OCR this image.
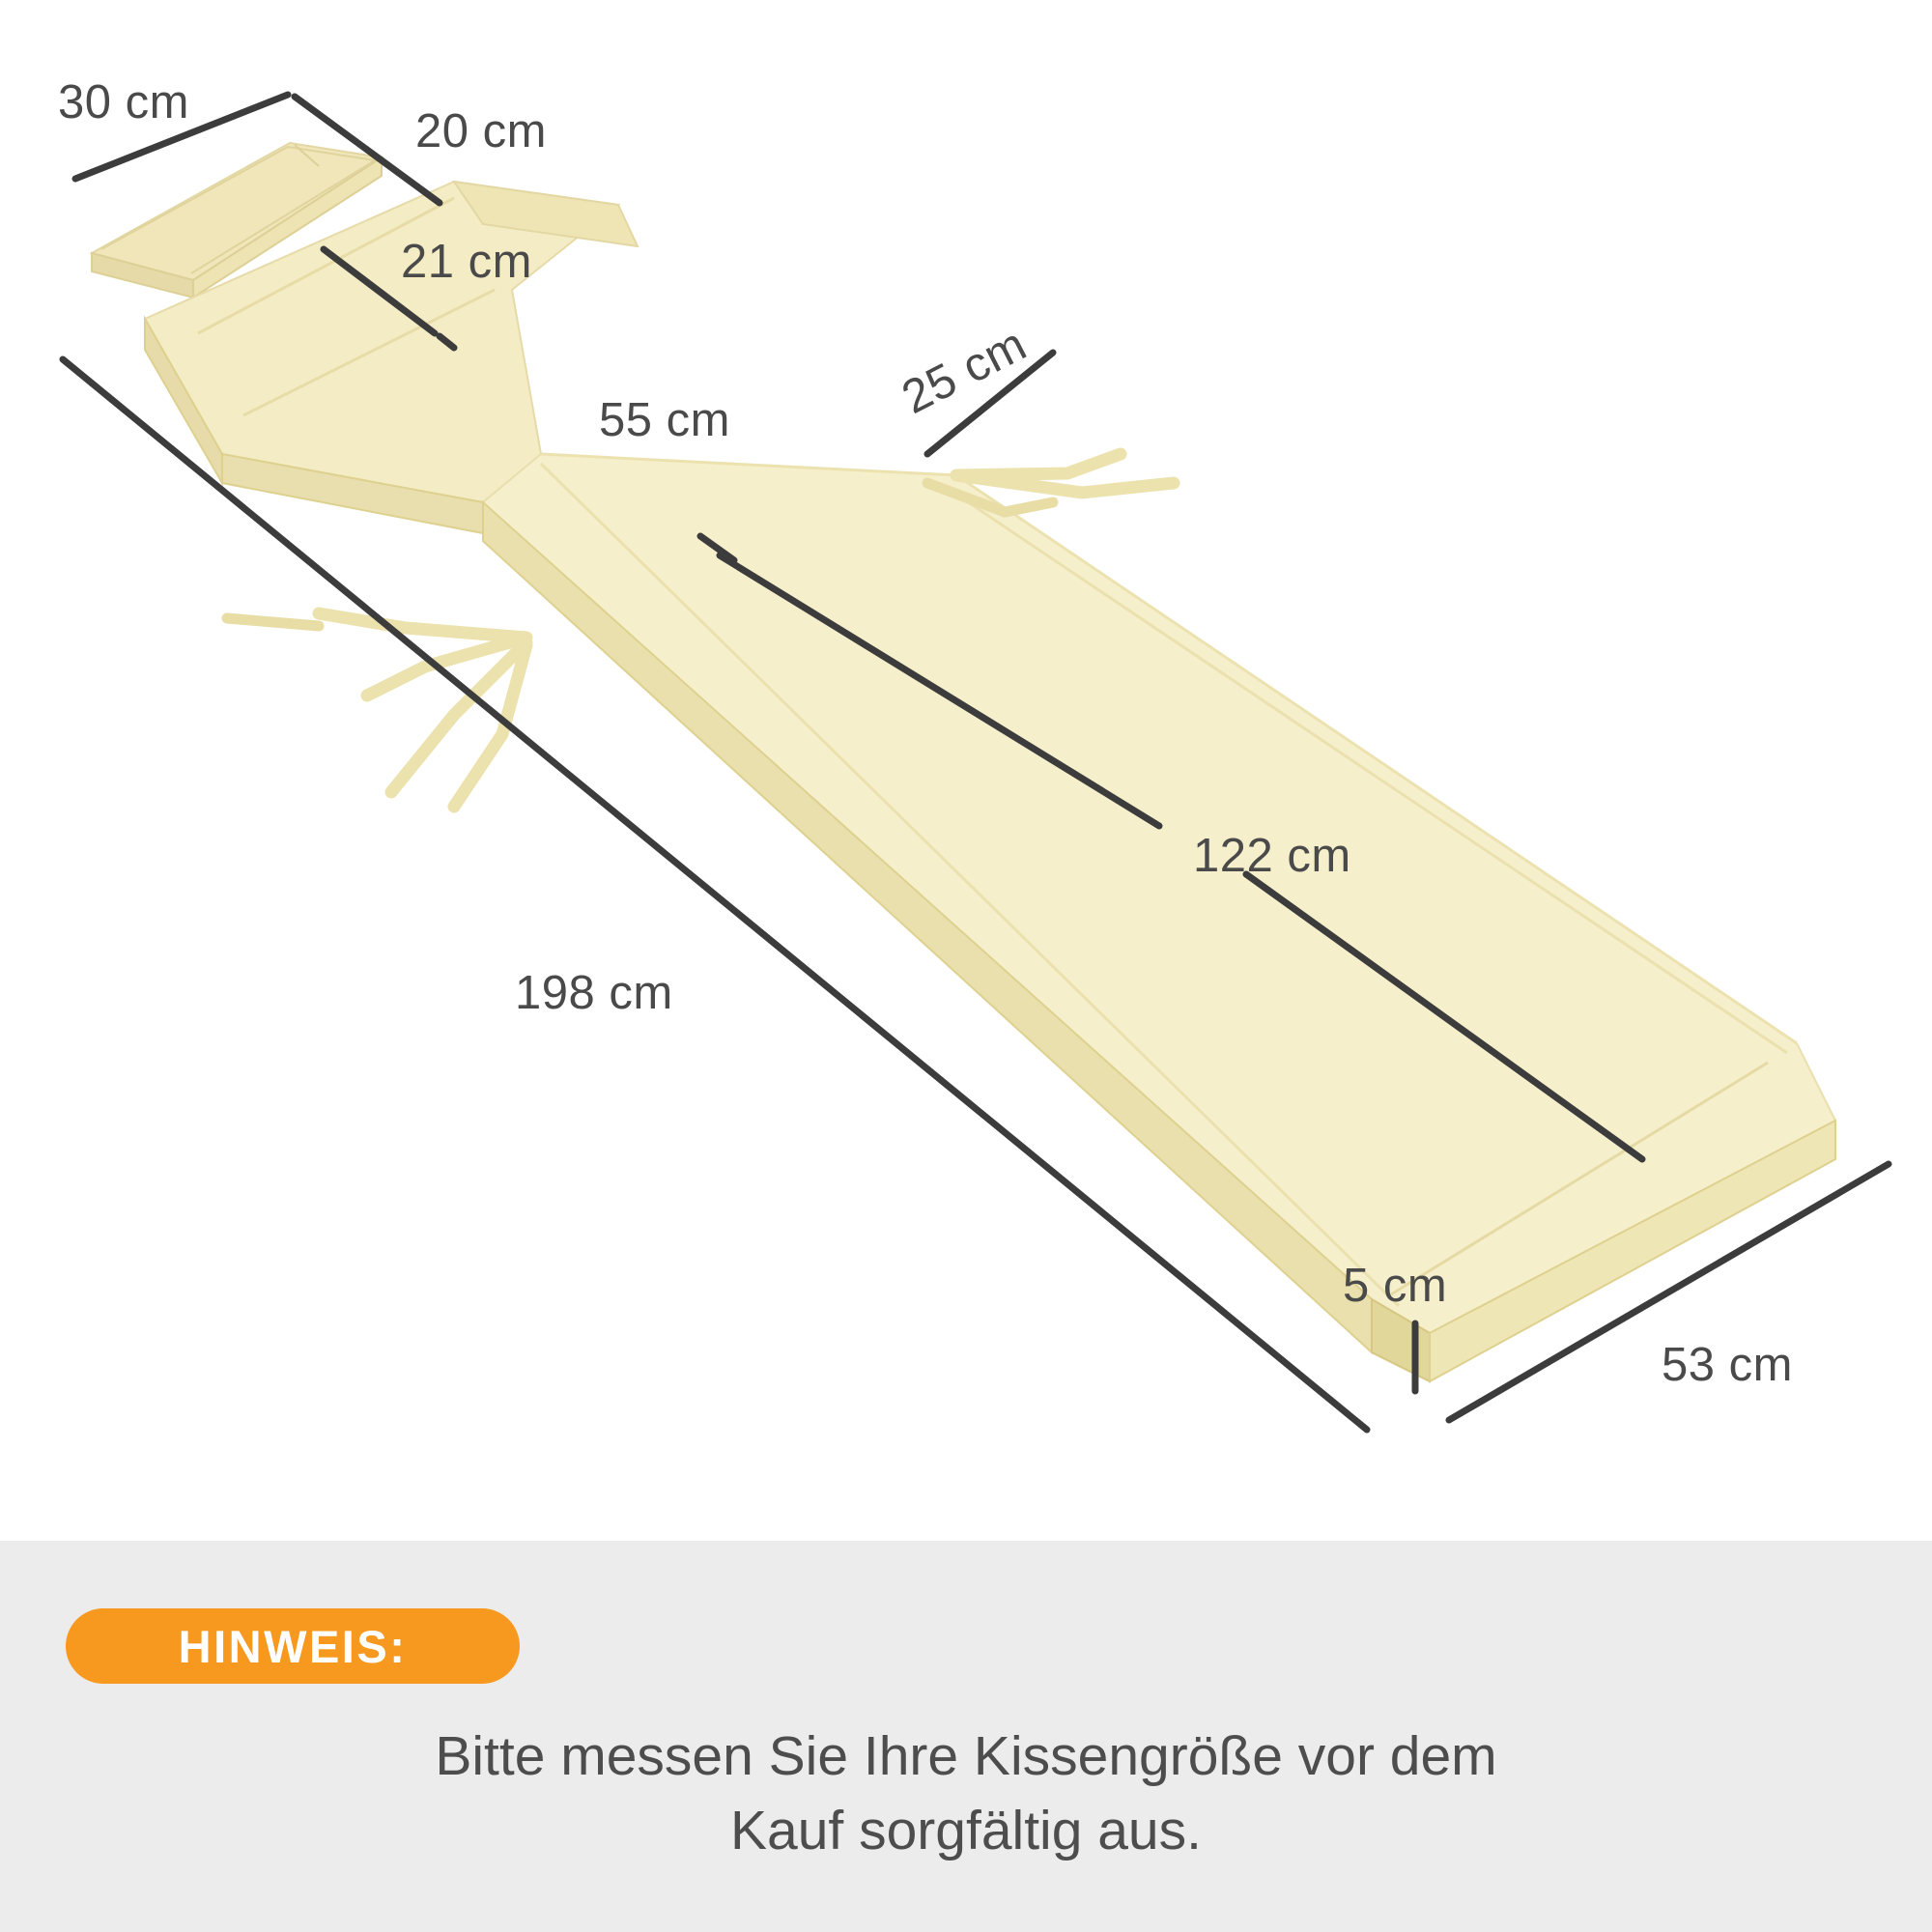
30 cm
20 cm
21 cm
55 cm	25 cm
122 cm
198 cm
5 cm
53 cm
HINWEIS:
Bitte messen Sie Ihre Kissengröße vor dem
Kauf sorgfältig aus.
